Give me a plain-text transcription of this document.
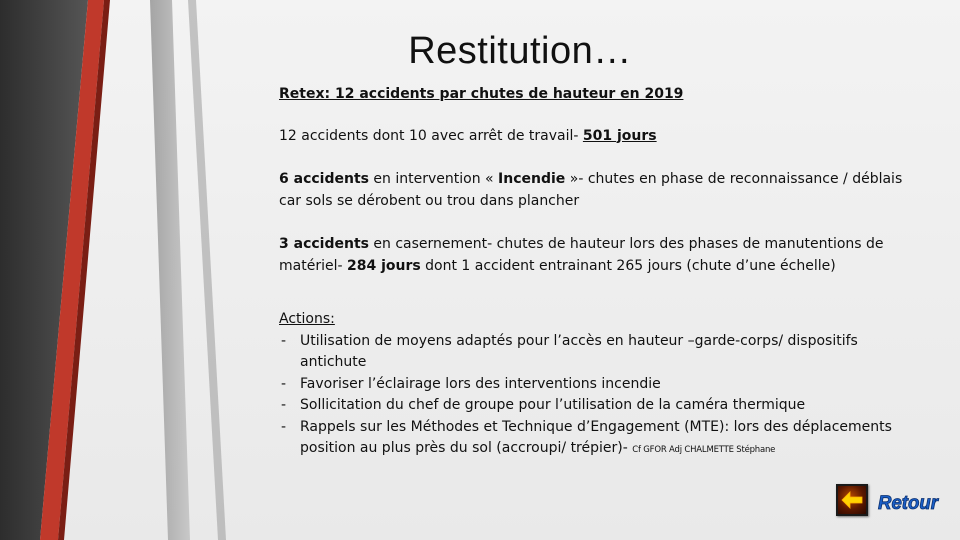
Restitution…

Retex: 12 accidents par chutes de hauteur en 2019

12 accidents dont 10 avec arrêt de travail- 501 jours

6 accidents en intervention « Incendie »- chutes en phase de reconnaissance / déblais car sols se dérobent ou trou dans plancher

3 accidents en casernement- chutes de hauteur lors des phases de manutentions de matériel- 284 jours dont 1 accident entrainant 265 jours (chute d’une échelle)

Actions:

- Utilisation de moyens adaptés pour l’accès en hauteur –garde-corps/ dispositifs antichute
- Favoriser l’éclairage lors des interventions incendie
- Sollicitation du chef de groupe pour l’utilisation de la caméra thermique
- Rappels sur les Méthodes et Technique d’Engagement (MTE): lors des déplacements position au plus près du sol (accroupi/ trépier)- Cf GFOR Adj CHALMETTE Stéphane
Retour
